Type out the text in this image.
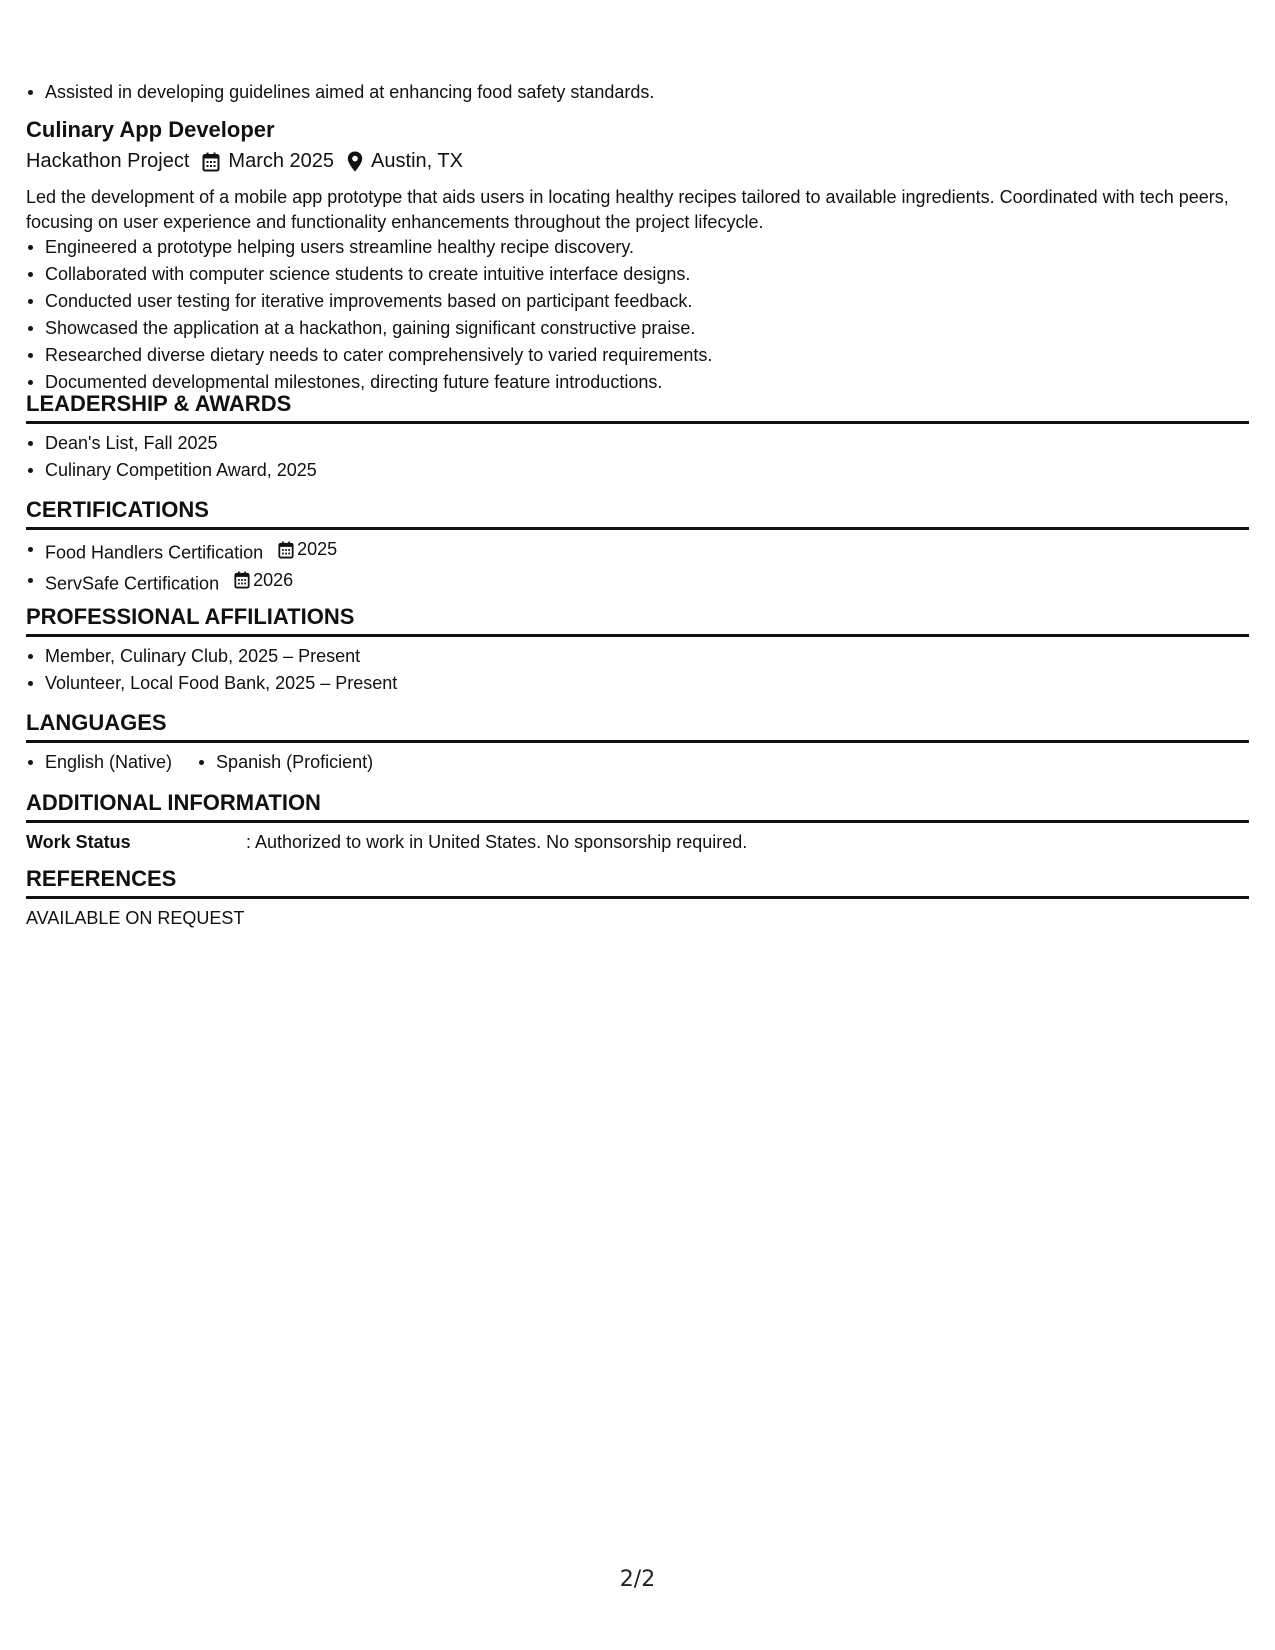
Assisted in developing guidelines aimed at enhancing food safety standards.
Culinary App Developer
Hackathon Project March 2025 Austin, TX
Led the development of a mobile app prototype that aids users in locating healthy recipes tailored to available ingredients. Coordinated with tech peers, focusing on user experience and functionality enhancements throughout the project lifecycle.
Engineered a prototype helping users streamline healthy recipe discovery.
Collaborated with computer science students to create intuitive interface designs.
Conducted user testing for iterative improvements based on participant feedback.
Showcased the application at a hackathon, gaining significant constructive praise.
Researched diverse dietary needs to cater comprehensively to varied requirements.
Documented developmental milestones, directing future feature introductions.
LEADERSHIP & AWARDS
Dean's List, Fall 2025
Culinary Competition Award, 2025
CERTIFICATIONS
Food Handlers Certification 2025
ServSafe Certification 2026
PROFESSIONAL AFFILIATIONS
Member, Culinary Club, 2025 – Present
Volunteer, Local Food Bank, 2025 – Present
LANGUAGES
English (Native)	Spanish (Proficient)
ADDITIONAL INFORMATION
Work Status	: Authorized to work in United States. No sponsorship required.
REFERENCES
AVAILABLE ON REQUEST
2/2
